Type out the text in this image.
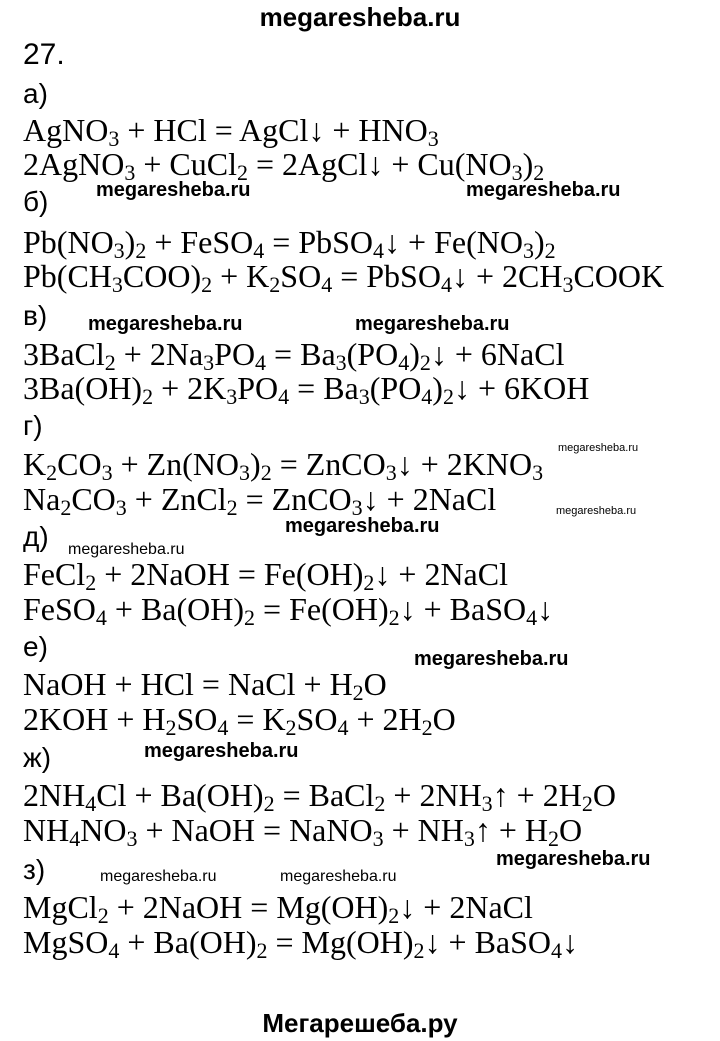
megaresheba.ru
27.
а)
AgNO$_3$ + HCl = AgCl↓ + $HNO_3$
2AgNO$_3$ + CuCl$_2$ = 2AgCl↓ + $Cu(NO_3)_2$
б)
$Pb(NO_3)_2$ + FeSO$_4$ = PbSO$_4$↓ + $Fe(NO_3)_2$
$Pb(CH_3COO)_2 + K_2SO_4$ = PbSO$_4$↓ + $2CH_3COOK$
в)
3BaCl$_2$ + $2Na_3PO_4$ = $Ba_3(PO_4)_2↓$ + 6NaCl
$3Ba(OH)_2 + 2K_3PO_4$ = $Ba_3(PO_4)_2↓ + 6KOH$
г)
$K_2CO_3 + Zn(NO_3)_2$ = ZnCO$_3$↓ + $2KNO_3$
$Na_2CO_3$ + ZnCl$_2$ = ZnCO$_3$↓ + 2NaCl
д)
FeCl$_2$ + 2NaOH = $Fe(OH)_2↓$ + 2NaCl
FeSO$_4$ + $Ba(OH)_2$ = $Fe(OH)_2↓$ + BaSO$_4$↓
е)
NaOH + HCl = NaCl + $H_2O$
$2KOH + H_2SO_4 = K_2SO_4 + 2H_2O$
ж)
$2NH_4Cl + Ba(OH)_2$ = BaCl$_2$ + $2NH_3↑ + 2H_2O$
$NH_4NO_3$ + NaOH = NaNO$_3$ + $NH_3↑ + H_2O$
з)
MgCl$_2$ + 2NaOH = $Mg(OH)_2↓$ + 2NaCl
MgSO$_4$ + $Ba(OH)_2$ = $Mg(OH)_2↓$ + BaSO$_4$↓
megaresheba.ru	megaresheba.ru
megaresheba.ru	megaresheba.ru
megaresheba.ru
megaresheba.ru
megaresheba.ru
megaresheba.ru
megaresheba.ru
megaresheba.ru
megaresheba.ru
megaresheba.ru	megaresheba.ru
Мегарешеба.ру
